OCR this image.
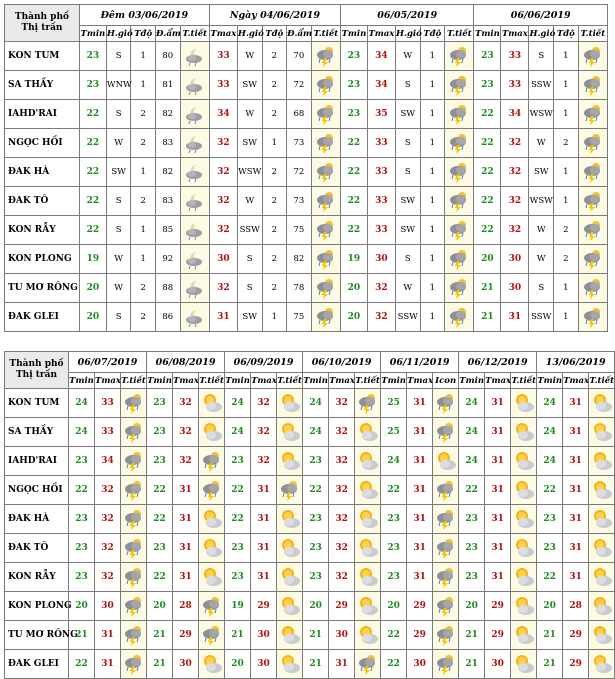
Thành phố
Thị trấn	Đêm 03/06/2019					Ngày 04/06/2019					06/05/2019					06/06/2019				
	Tmin	H.gió	Tđộ	Đ.ẩm	T.tiết	Tmax	H.gió	Tđộ	Đ.ẩm	T.tiết	Tmin	Tmax	H.gió	Tđộ	T.tiết	Tmin	Tmax	H.gió	Tđộ	T.tiết
KON TUM	23	S	1	80		33	W	2	70		23	34	W	1		23	33	S	1	

SA THẦY	23	WNW	1	81		33	SW	2	72		23	34	S	1		23	33	SSW	1	

IAHD'RAI	22	S	2	82		34	W	2	68		23	35	SW	1		22	34	WSW	1	

NGỌC HỒI	22	W	2	83		32	SW	1	73		22	33	S	1		22	32	W	2	

ĐAK HÀ	22	SW	1	82		32	WSW	2	72		22	33	S	1		22	32	SW	1	

ĐAK TÔ	22	S	2	83		32	W	2	73		22	33	SW	1		22	32	WSW	1	

KON RẪY	22	S	1	85		32	SSW	2	75		22	33	SW	1		22	32	W	2	

KON PLONG	19	W	1	92		30	S	2	82		19	30	S	1		20	30	W	2	

TU MƠ RÔNG	20	W	2	88		32	S	2	78		20	32	W	1		21	30	S	1	

ĐAK GLEI	20	S	2	86		31	SW	1	75		20	32	SSW	1		21	31	SSW	1	
Thành phố
Thị trấn	06/07/2019			06/08/2019			06/09/2019			06/10/2019			06/11/2019			06/12/2019			13/06/2019		
	Tmin	Tmax	T.tiết	Tmin	Tmax	T.tiết	Tmin	Tmax	T.tiết	Tmin	Tmax	T.tiết	Tmin	Tmax	Icon	Tmin	Tmax	T.tiết	Tmin	Tmax	T.tiết
KON TUM	24	33		23	32		24	32		24	32		25	31		24	31		24	31	

SA THẦY	24	33		23	32		24	32		24	32		25	31		24	31		24	31	

IAHD'RAI	23	34		23	32		23	32		23	32		24	31		24	31		24	31	

NGỌC HỒI	22	32		22	31		22	31		22	32		22	31		22	31		22	31	

ĐAK HÀ	23	32		22	31		22	31		23	32		23	31		23	31		23	31	

ĐAK TÔ	23	32		23	31		23	31		23	32		23	31		23	31		23	31	

KON RẪY	23	32		22	31		23	31		23	32		23	31		23	31		22	31	

KON PLONG	20	30		20	28		19	29		20	29		20	29		20	29		20	28	

TU MƠ RÔNG	21	31		21	29		21	30		21	30		22	29		21	29		21	29	

ĐAK GLEI	22	31		21	30		20	30		21	31		22	30		21	30		21	29	
